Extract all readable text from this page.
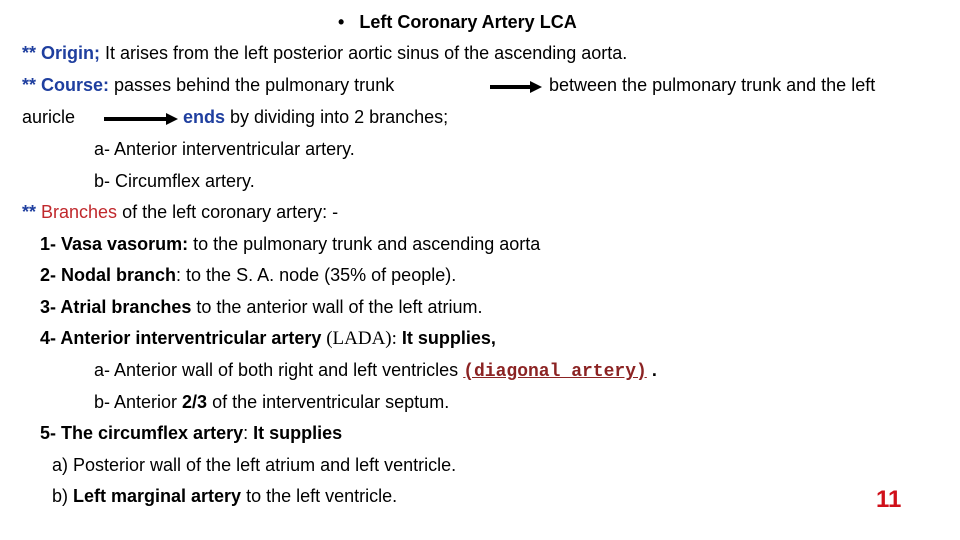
• Left Coronary Artery LCA
** Origin; It arises from the left posterior aortic sinus of the ascending aorta.
** Course: passes behind the pulmonary trunk	between the pulmonary trunk and the left
auricle	ends by dividing into 2 branches;
a- Anterior interventricular artery.
b- Circumflex artery.
** Branches of the left coronary artery: -
1- Vasa vasorum: to the pulmonary trunk and ascending aorta
2- Nodal branch: to the S. A. node (35% of people).
3- Atrial branches to the anterior wall of the left atrium.
4- Anterior interventricular artery (LADA): It supplies,
a- Anterior wall of both right and left ventricles (diagonal artery) .
b- Anterior 2/3 of the interventricular septum.
5- The circumflex artery: It supplies
a) Posterior wall of the left atrium and left ventricle.
b) Left marginal artery to the left ventricle.	11
